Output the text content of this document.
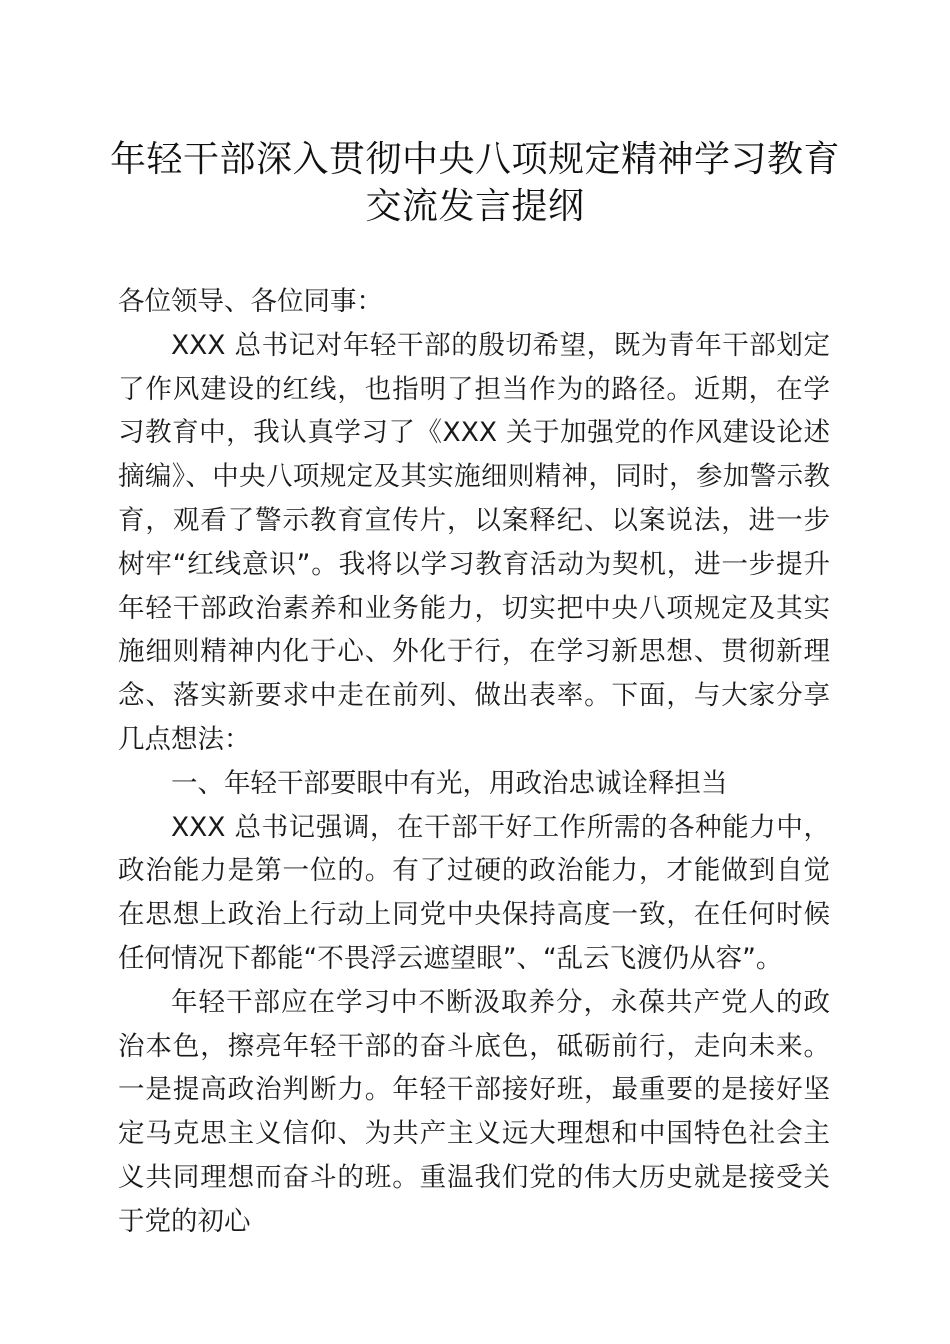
年轻干部深入贯彻中央八项规定精神学习教育
交流发言提纲

各位领导、各位同事：

XXX 总书记对年轻干部的殷切希望，既为青年干部划定了作风建设的红线，也指明了担当作为的路径。近期，在学习教育中，我认真学习了《XXX 关于加强党的作风建设论述摘编》、中央八项规定及其实施细则精神，同时，参加警示教育，观看了警示教育宣传片，以案释纪、以案说法，进一步树牢“红线意识”。我将以学习教育活动为契机，进一步提升年轻干部政治素养和业务能力，切实把中央八项规定及其实施细则精神内化于心、外化于行，在学习新思想、贯彻新理念、落实新要求中走在前列、做出表率。下面，与大家分享几点想法：

一、年轻干部要眼中有光，用政治忠诚诠释担当

XXX 总书记强调，在干部干好工作所需的各种能力中，政治能力是第一位的。有了过硬的政治能力，才能做到自觉在思想上政治上行动上同党中央保持高度一致，在任何时候任何情况下都能“不畏浮云遮望眼”、“乱云飞渡仍从容”。

年轻干部应在学习中不断汲取养分，永葆共产党人的政治本色，擦亮年轻干部的奋斗底色，砥砺前行，走向未来。一是提高政治判断力。年轻干部接好班，最重要的是接好坚定马克思主义信仰、为共产主义远大理想和中国特色社会主义共同理想而奋斗的班。重温我们党的伟大历史就是接受关于党的初心
